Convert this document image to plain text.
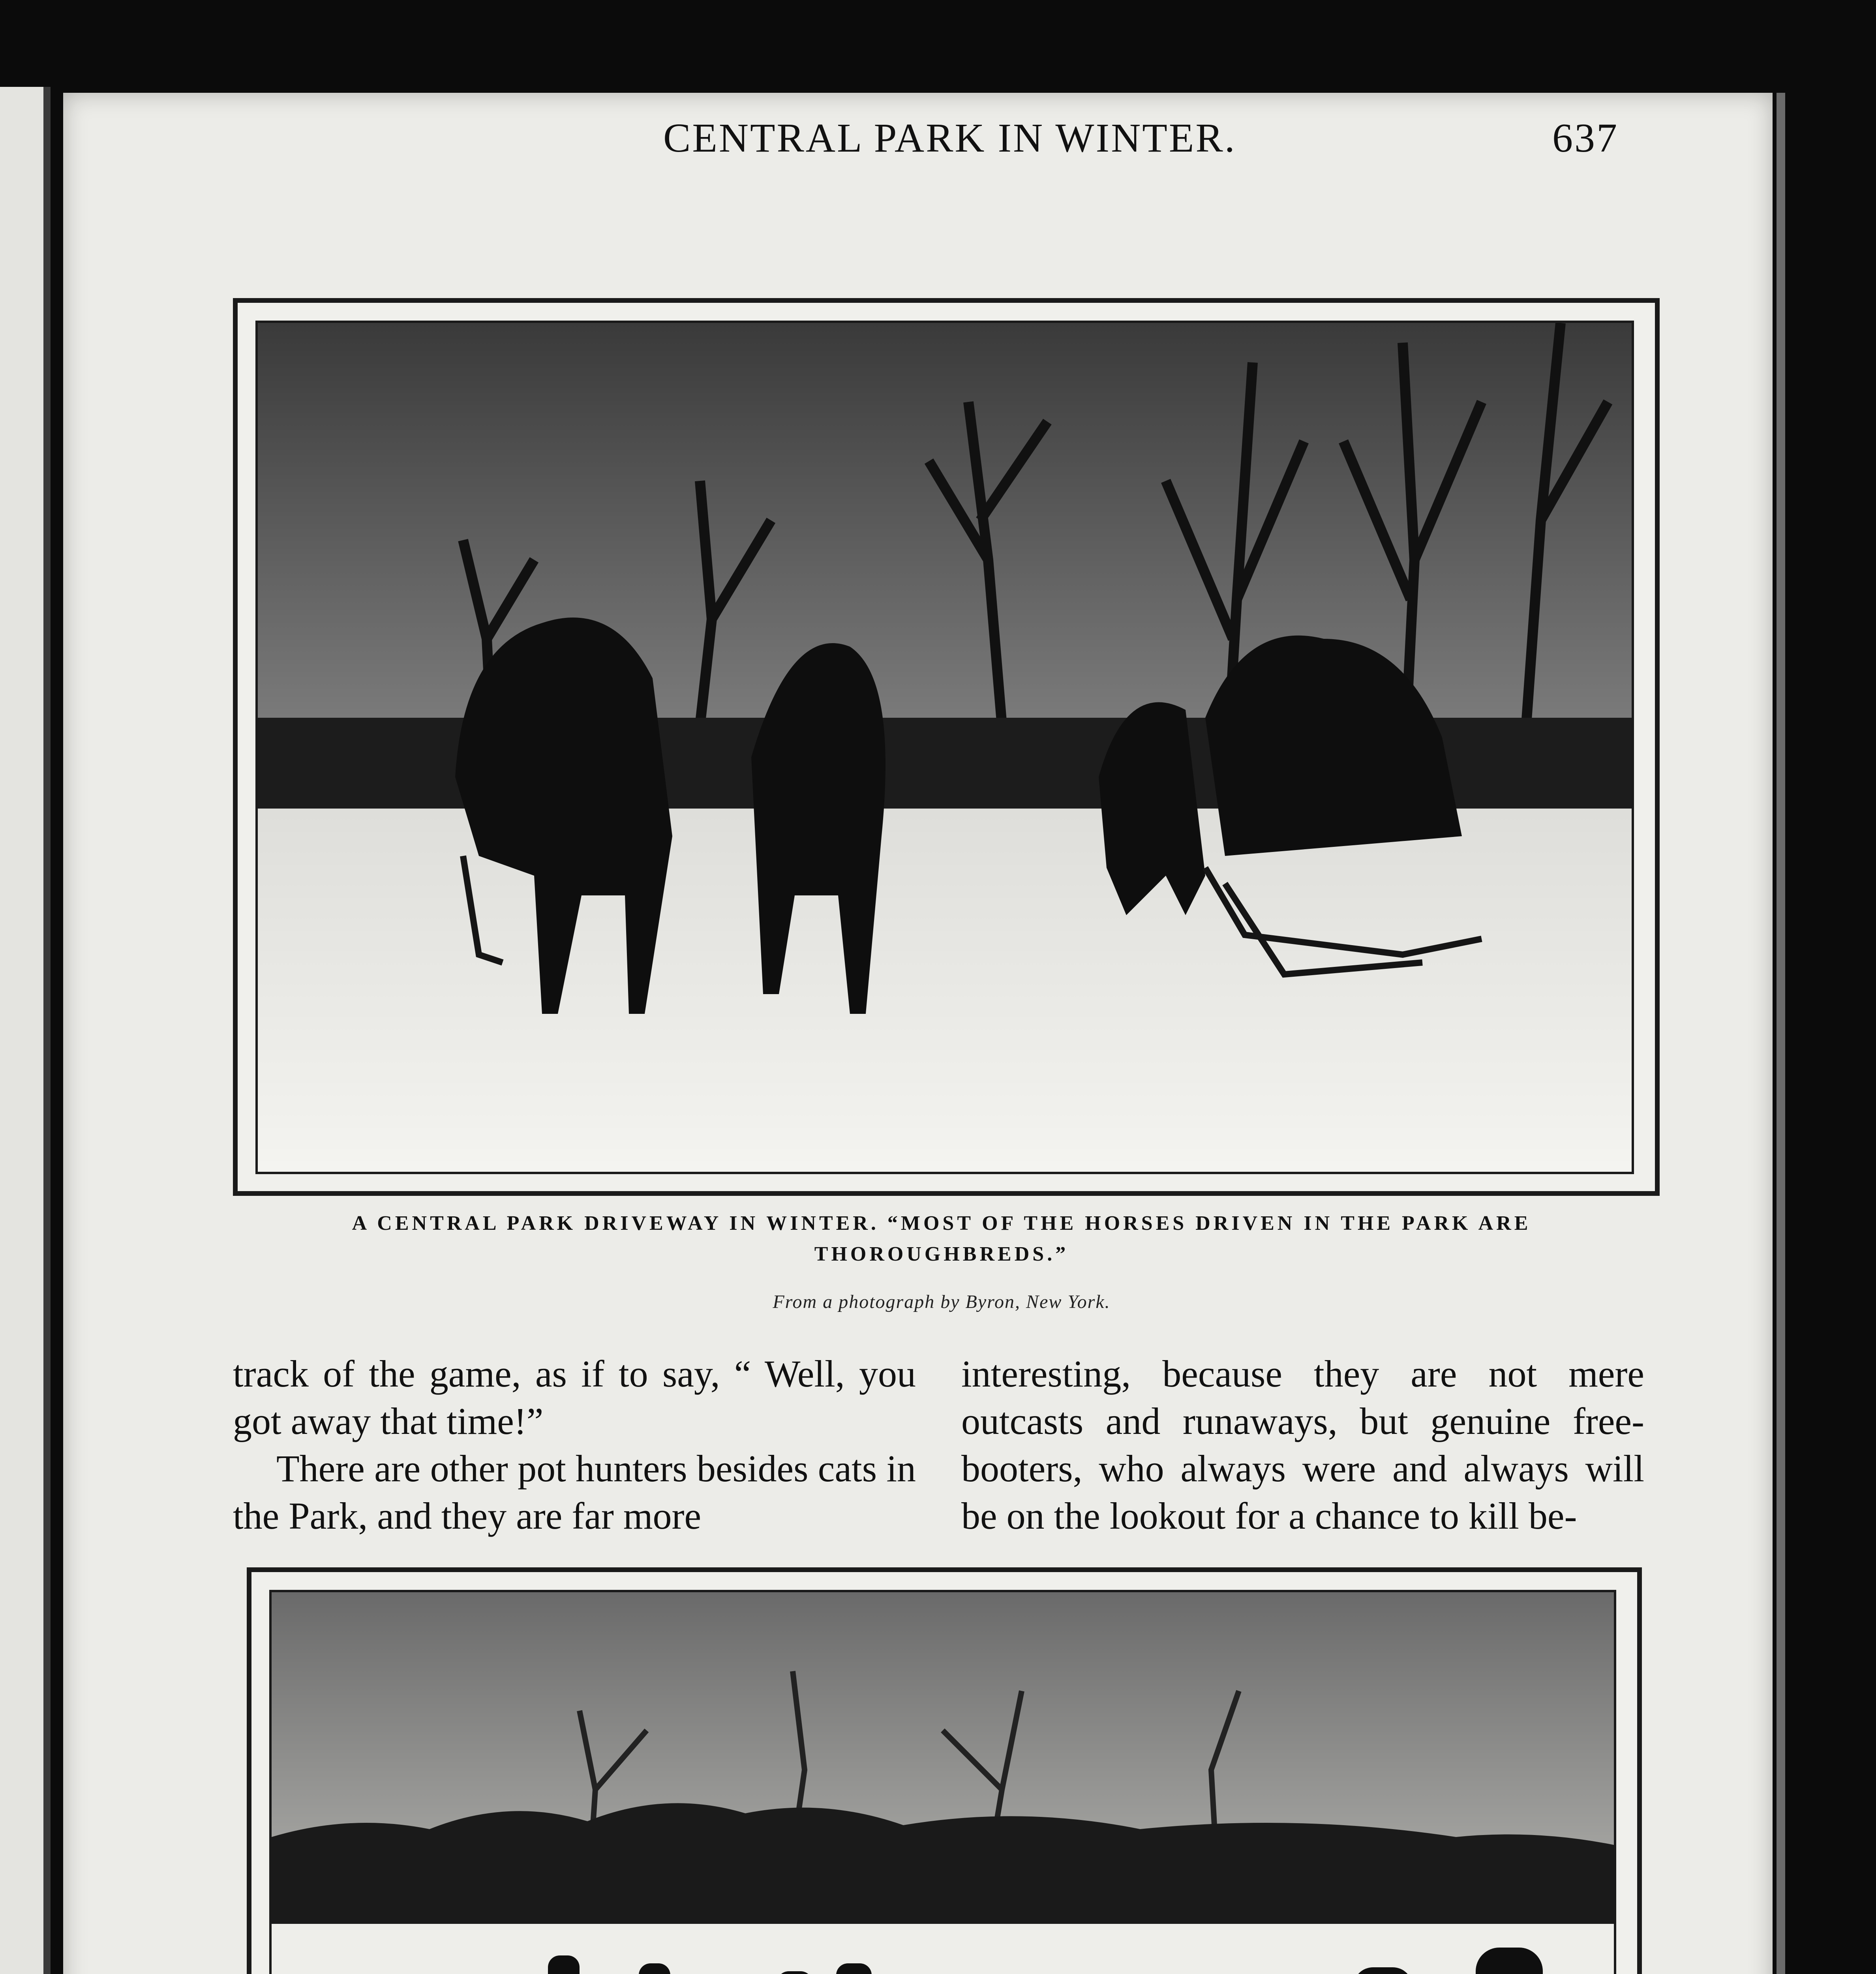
CENTRAL PARK IN WINTER.	637
A CENTRAL PARK DRIVEWAY IN WINTER. “MOST OF THE HORSES DRIVEN IN THE PARK ARE
THOROUGHBREDS.”
From a photograph by Byron, New York.

track of the game, as if to say, “ Well, you got away that time!”

There are other pot hunters besides cats in the Park, and they are far more

interesting, because they are not mere outcasts and runaways, but genuine free-booters, who always were and always will be on the lookout for a chance to kill be-
